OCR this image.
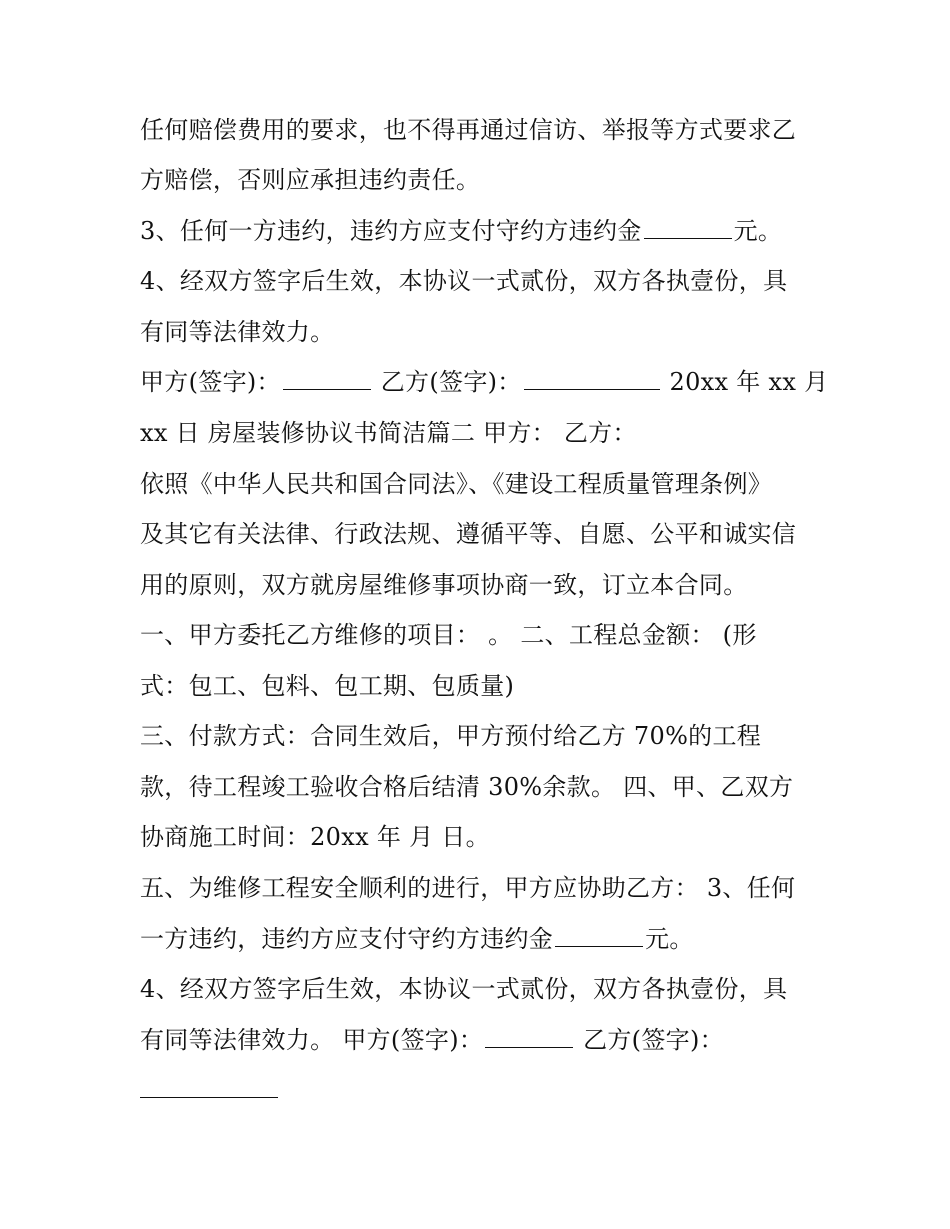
任何赔偿费用的要求，也不得再通过信访、举报等方式要求乙
方赔偿，否则应承担违约责任。
3、任何一方违约，违约方应支付守约方违约金	元。
4、经双方签字后生效，本协议一式贰份，双方各执壹份，具
有同等法律效力。
甲方(签字)：	乙方(签字)：	20xx 年 xx 月
xx 日 房屋装修协议书简洁篇二 甲方： 乙方：
依照《中华人民共和国合同法》、《建设工程质量管理条例》
及其它有关法律、行政法规、遵循平等、自愿、公平和诚实信
用的原则，双方就房屋维修事项协商一致，订立本合同。
一、甲方委托乙方维修的项目： 。 二、工程总金额： (形
式：包工、包料、包工期、包质量)
三、付款方式：合同生效后，甲方预付给乙方 70%的工程
款，待工程竣工验收合格后结清 30%余款。 四、甲、乙双方
协商施工时间：20xx 年 月 日。
五、为维修工程安全顺利的进行，甲方应协助乙方： 3、任何
一方违约，违约方应支付守约方违约金	元。
4、经双方签字后生效，本协议一式贰份，双方各执壹份，具
有同等法律效力。 甲方(签字)：	乙方(签字)：
